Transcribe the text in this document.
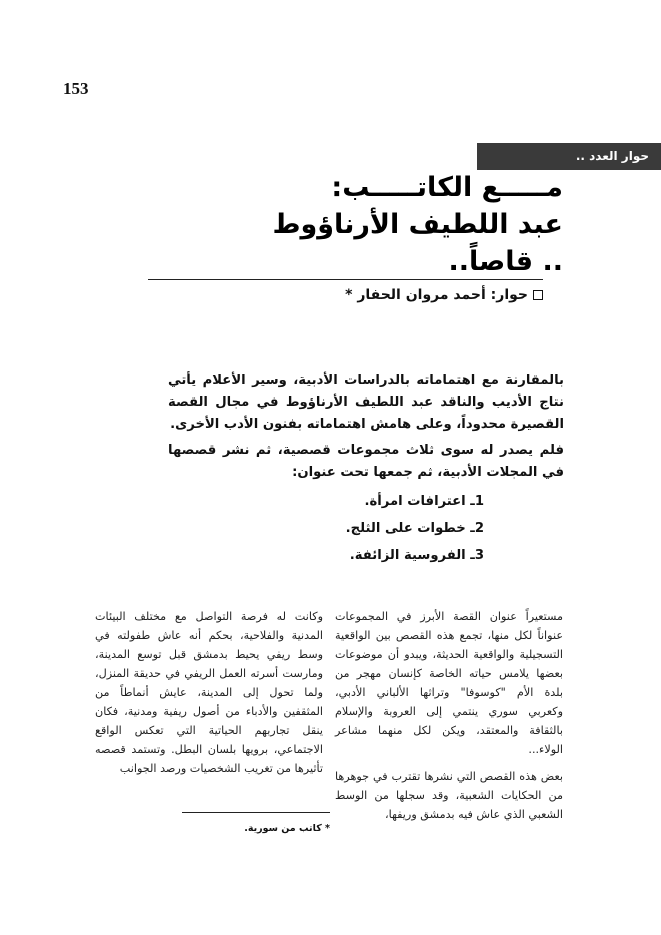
153
حوار العدد ..
مـــــع الكاتـــــب:
عبد اللطيف الأرناؤوط
.. قاصاً..
حوار: أحمد مروان الحفار *

بالمقارنة مع اهتماماته بالدراسات الأدبية، وسير الأعلام يأتي نتاج الأديب والناقد عبد اللطيف الأرناؤوط في مجال القصة القصيرة محدوداً، وعلى هامش اهتماماته بفنون الأدب الأخرى.

فلم يصدر له سوى ثلاث مجموعات قصصية، ثم نشر قصصها في المجلات الأدبية، ثم جمعها تحت عنوان:

1ـ اعترافات امرأة.
2ـ خطوات على الثلج.
3ـ الفروسية الزائفة.

مستعيراً عنوان القصة الأبرز في المجموعات عنواناً لكل منها، تجمع هذه القصص بين الواقعية التسجيلية والواقعية الحديثة، ويبدو أن موضوعات بعضها يلامس حياته الخاصة كإنسان مهجر من بلدة الأم "كوسوفا" وتراثها الألباني الأدبي، وكعربي سوري ينتمي إلى العروبة والإسلام بالثقافة والمعتقد، ويكن لكل منهما مشاعر الولاء...

بعض هذه القصص التي نشرها تقترب في جوهرها من الحكايات الشعبية، وقد سجلها من الوسط الشعبي الذي عاش فيه بدمشق وريفها،

وكانت له فرصة التواصل مع مختلف البيئات المدنية والفلاحية، بحكم أنه عاش طفولته في وسط ريفي يحيط بدمشق قبل توسع المدينة، ومارست أسرته العمل الريفي في حديقة المنزل، ولما تحول إلى المدينة، عايش أنماطاً من المثقفين والأدباء من أصول ريفية ومدنية، فكان ينقل تجاربهم الحياتية التي تعكس الواقع الاجتماعي، برويها بلسان البطل. وتستمد قصصه تأثيرها من تغريب الشخصيات ورصد الجوانب

* كاتب من سورية.
